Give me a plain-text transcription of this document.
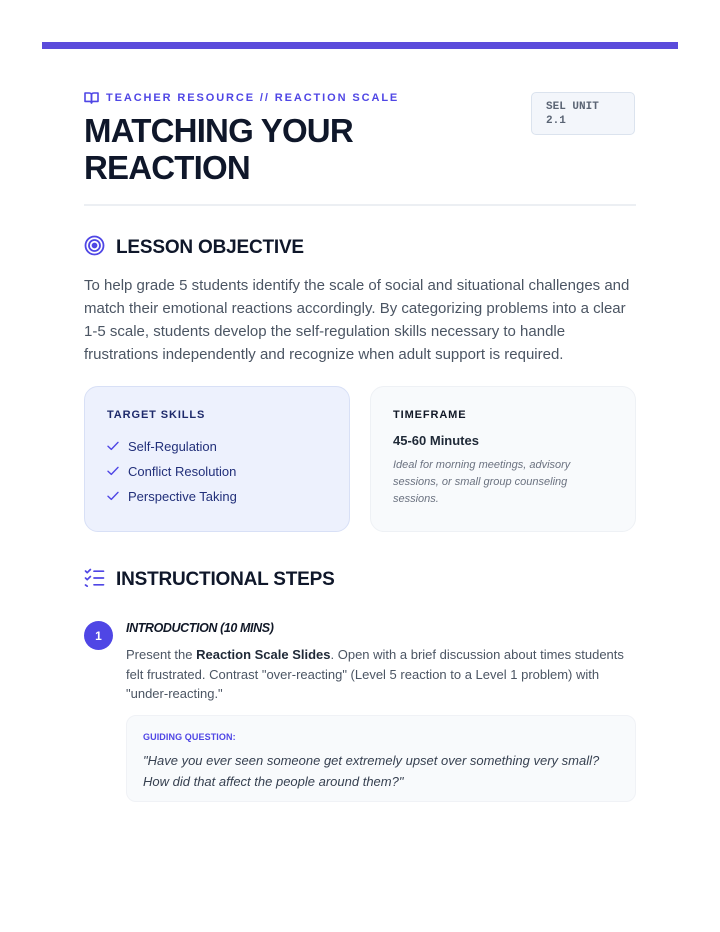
TEACHER RESOURCE // REACTION SCALE
SEL UNIT
2.1
MATCHING YOUR REACTION
LESSON OBJECTIVE

To help grade 5 students identify the scale of social and situational challenges and match their emotional reactions accordingly. By categorizing problems into a clear 1-5 scale, students develop the self-regulation skills necessary to handle frustrations independently and recognize when adult support is required.

TARGET SKILLS
Self-Regulation
Conflict Resolution
Perspective Taking
TIMEFRAME
45-60 Minutes
Ideal for morning meetings, advisory sessions, or small group counseling sessions.
INSTRUCTIONAL STEPS
1
INTRODUCTION (10 MINS)

Present the Reaction Scale Slides. Open with a brief discussion about times students felt frustrated. Contrast "over-reacting" (Level 5 reaction to a Level 1 problem) with "under-reacting."

GUIDING QUESTION:
"Have you ever seen someone get extremely upset over something very small? How did that affect the people around them?"
